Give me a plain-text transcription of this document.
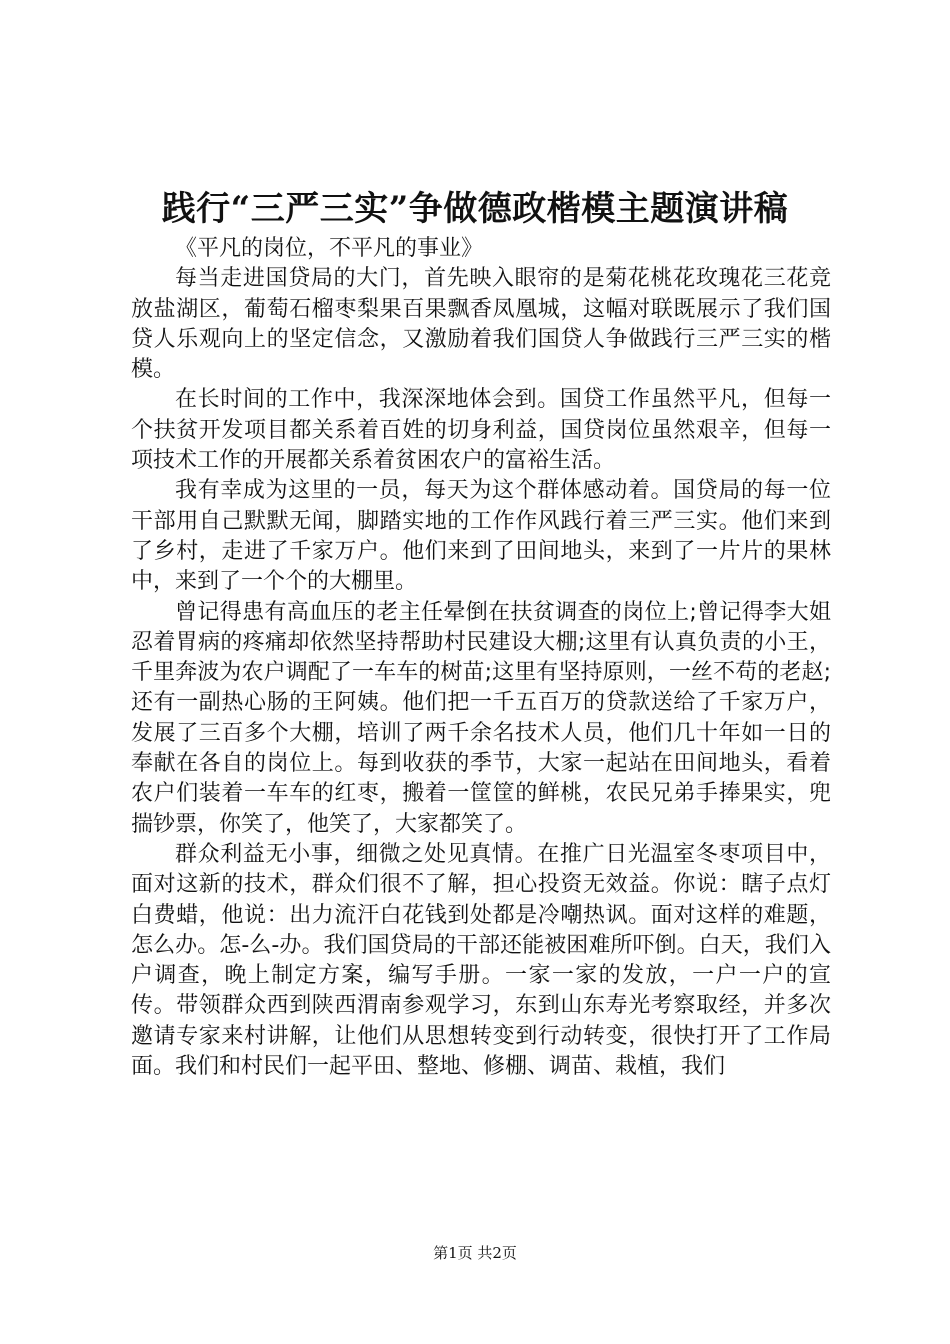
践行“三严三实”争做德政楷模主题演讲稿

《平凡的岗位，不平凡的事业》

每当走进国贷局的大门，首先映入眼帘的是菊花桃花玫瑰花三花竞放盐湖区，葡萄石榴枣梨果百果飘香凤凰城，这幅对联既展示了我们国贷人乐观向上的坚定信念，又激励着我们国贷人争做践行三严三实的楷模。

在长时间的工作中，我深深地体会到。国贷工作虽然平凡，但每一个扶贫开发项目都关系着百姓的切身利益，国贷岗位虽然艰辛，但每一项技术工作的开展都关系着贫困农户的富裕生活。

我有幸成为这里的一员，每天为这个群体感动着。国贷局的每一位干部用自己默默无闻，脚踏实地的工作作风践行着三严三实。他们来到了乡村，走进了千家万户。他们来到了田间地头，来到了一片片的果林中，来到了一个个的大棚里。

曾记得患有高血压的老主任晕倒在扶贫调查的岗位上;曾记得李大姐忍着胃病的疼痛却依然坚持帮助村民建设大棚;这里有认真负责的小王，千里奔波为农户调配了一车车的树苗;这里有坚持原则，一丝不苟的老赵;还有一副热心肠的王阿姨。他们把一千五百万的贷款送给了千家万户，发展了三百多个大棚，培训了两千余名技术人员，他们几十年如一日的奉献在各自的岗位上。每到收获的季节，大家一起站在田间地头，看着农户们装着一车车的红枣，搬着一筐筐的鲜桃，农民兄弟手捧果实，兜揣钞票，你笑了，他笑了，大家都笑了。

群众利益无小事，细微之处见真情。在推广日光温室冬枣项目中，面对这新的技术，群众们很不了解，担心投资无效益。你说：瞎子点灯白费蜡，他说：出力流汗白花钱到处都是冷嘲热讽。面对这样的难题，怎么办。怎-么-办。我们国贷局的干部还能被困难所吓倒。白天，我们入户调查，晚上制定方案，编写手册。一家一家的发放，一户一户的宣传。带领群众西到陕西渭南参观学习，东到山东寿光考察取经，并多次邀请专家来村讲解，让他们从思想转变到行动转变，很快打开了工作局面。我们和村民们一起平田、整地、修棚、调苗、栽植，我们

第1页 共2页
